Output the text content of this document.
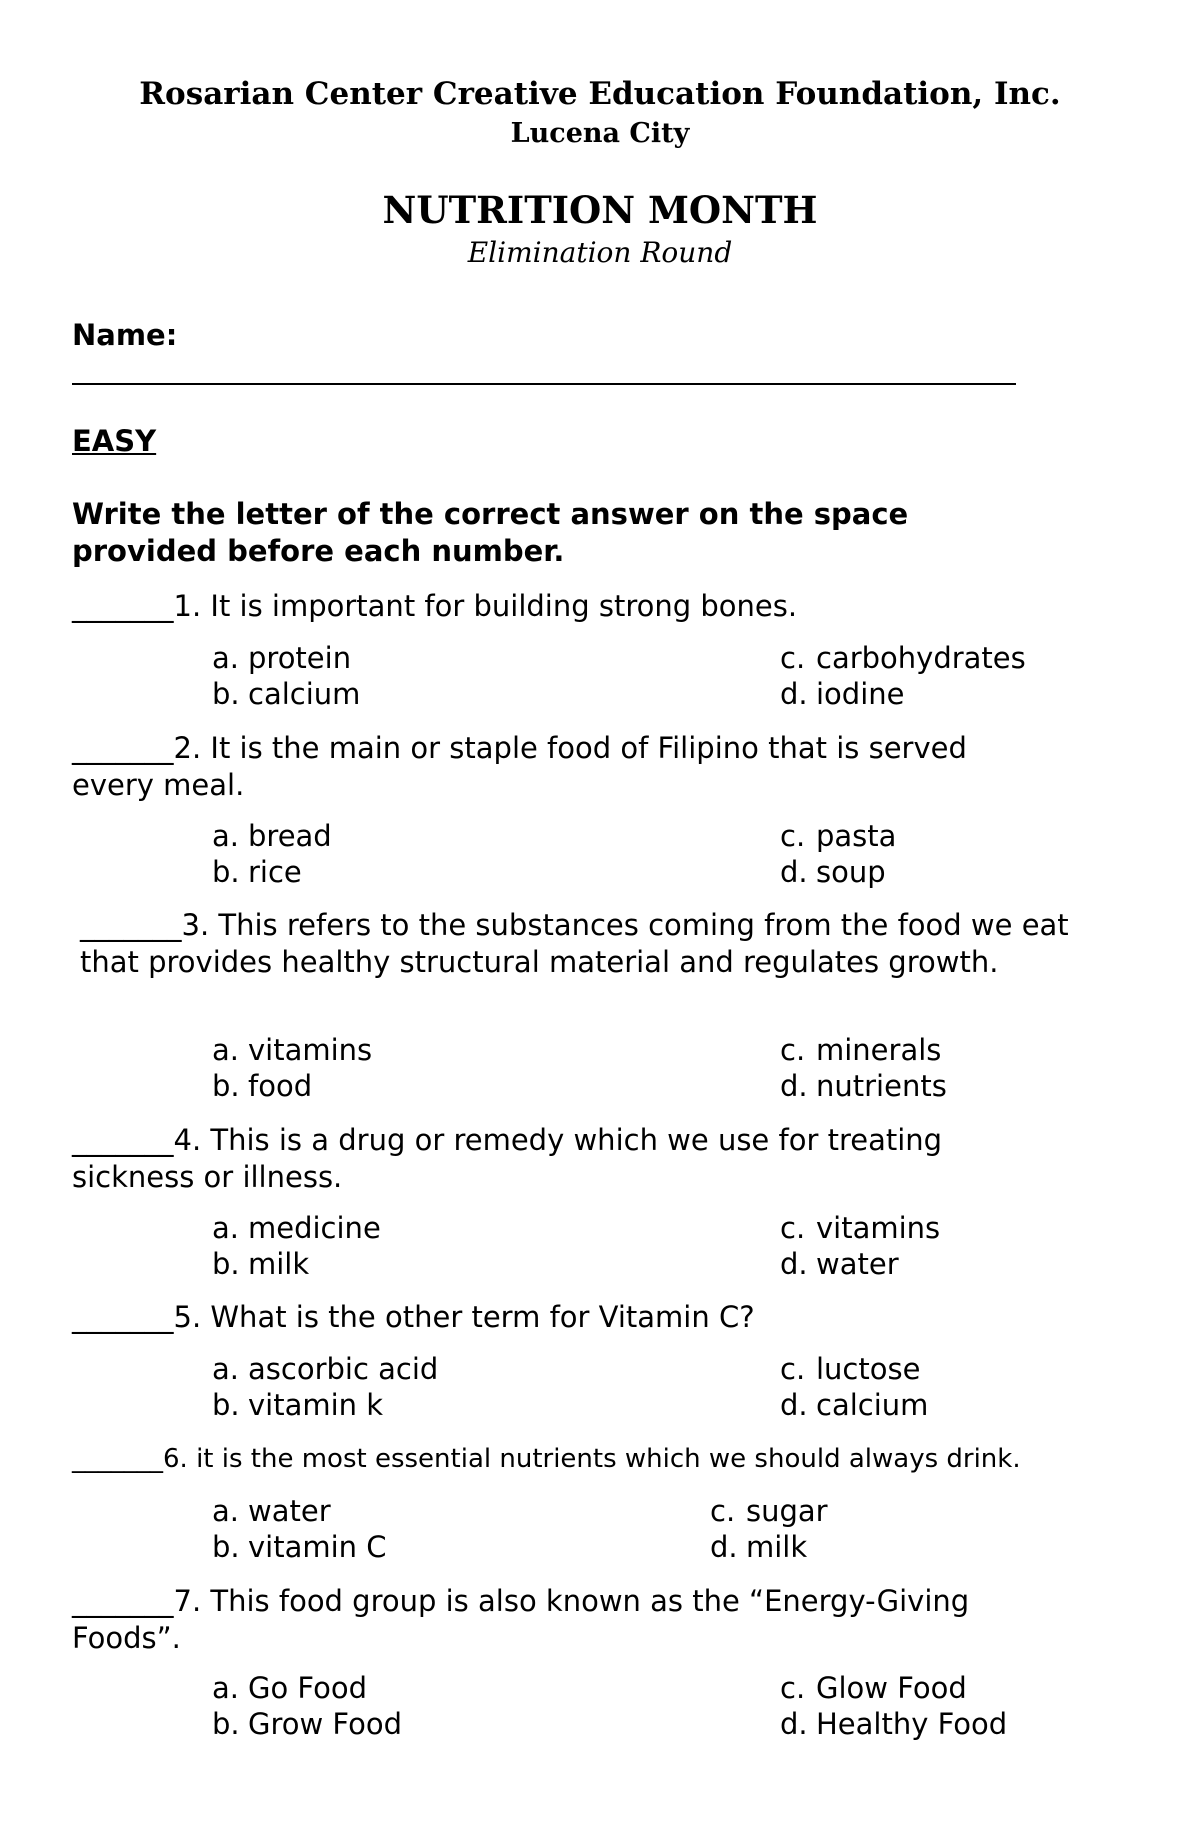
Rosarian Center Creative Education Foundation, Inc.
Lucena City
NUTRITION MONTH
Elimination Round
Name:
EASY
Write the letter of the correct answer on the space provided before each number.
_______1. It is important for building strong bones.
a. protein
b. calcium
c. carbohydrates
d. iodine
_______2. It is the main or staple food of Filipino that is served every meal.
a. bread
b. rice
c. pasta
d. soup
_______3. This refers to the substances coming from the food we eat that provides healthy structural material and regulates growth.
a. vitamins
b. food
c. minerals
d. nutrients
_______4. This is a drug or remedy which we use for treating sickness or illness.
a. medicine
b. milk
c. vitamins
d. water
_______5. What is the other term for Vitamin C?
a. ascorbic acid
b. vitamin k
c. luctose
d. calcium
_______6. it is the most essential nutrients which we should always drink.
a. water
b. vitamin C
c. sugar
d. milk
_______7. This food group is also known as the “Energy-Giving Foods”.
a. Go Food
b. Grow Food
c. Glow Food
d. Healthy Food
